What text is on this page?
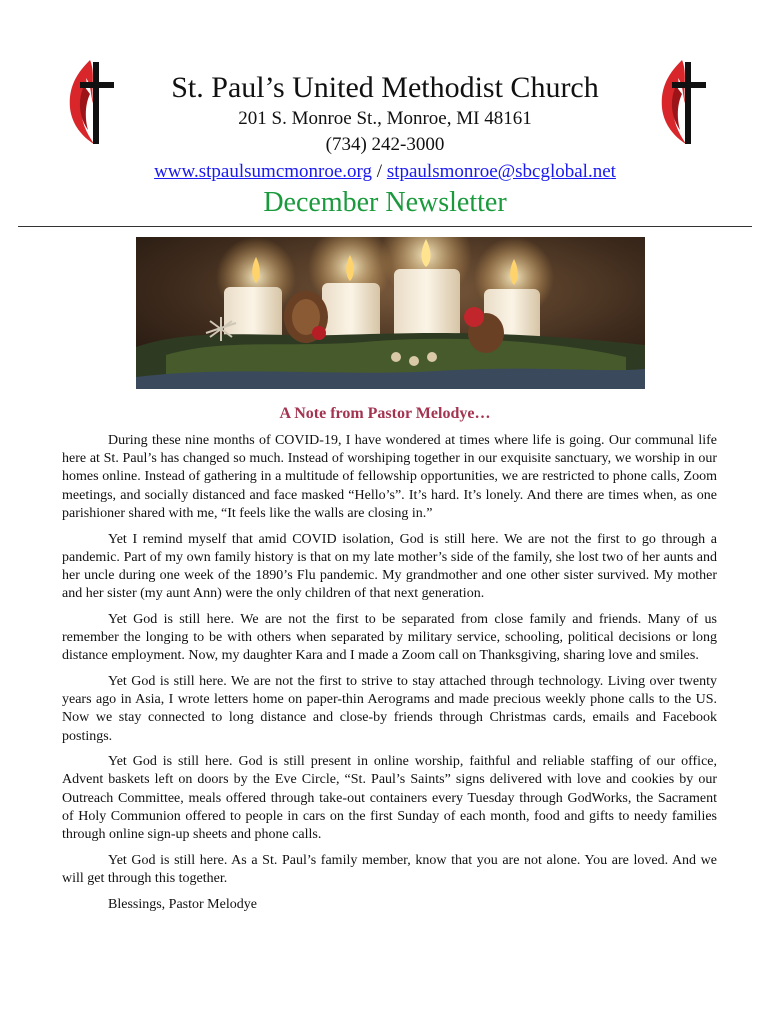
St. Paul’s United Methodist Church

201 S. Monroe St., Monroe, MI 48161

(734) 242-3000

www.stpaulsumcmonroe.org / stpaulsmonroe@sbcglobal.net

December Newsletter
A Note from Pastor Melodye…

During these nine months of COVID-19, I have wondered at times where life is going. Our communal life here at St. Paul’s has changed so much. Instead of worshiping together in our exquisite sanctuary, we worship in our homes online. Instead of gathering in a multitude of fellowship opportunities, we are restricted to phone calls, Zoom meetings, and socially distanced and face masked “Hello’s”. It’s hard. It’s lonely. And there are times when, as one parishioner shared with me, “It feels like the walls are closing in.”

Yet I remind myself that amid COVID isolation, God is still here. We are not the first to go through a pandemic. Part of my own family history is that on my late mother’s side of the family, she lost two of her aunts and her uncle during one week of the 1890’s Flu pandemic. My grandmother and one other sister survived. My mother and her sister (my aunt Ann) were the only children of that next generation.

Yet God is still here. We are not the first to be separated from close family and friends. Many of us remember the longing to be with others when separated by military service, schooling, political decisions or long distance employment. Now, my daughter Kara and I made a Zoom call on Thanksgiving, sharing love and smiles.

Yet God is still here. We are not the first to strive to stay attached through technology. Living over twenty years ago in Asia, I wrote letters home on paper-thin Aerograms and made precious weekly phone calls to the US. Now we stay connected to long distance and close-by friends through Christmas cards, emails and Facebook postings.

Yet God is still here. God is still present in online worship, faithful and reliable staffing of our office, Advent baskets left on doors by the Eve Circle, “St. Paul’s Saints” signs delivered with love and cookies by our Outreach Committee, meals offered through take-out containers every Tuesday through GodWorks, the Sacrament of Holy Communion offered to people in cars on the first Sunday of each month, food and gifts to needy families through online sign-up sheets and phone calls.

Yet God is still here. As a St. Paul’s family member, know that you are not alone. You are loved. And we will get through this together.

Blessings, Pastor Melodye
